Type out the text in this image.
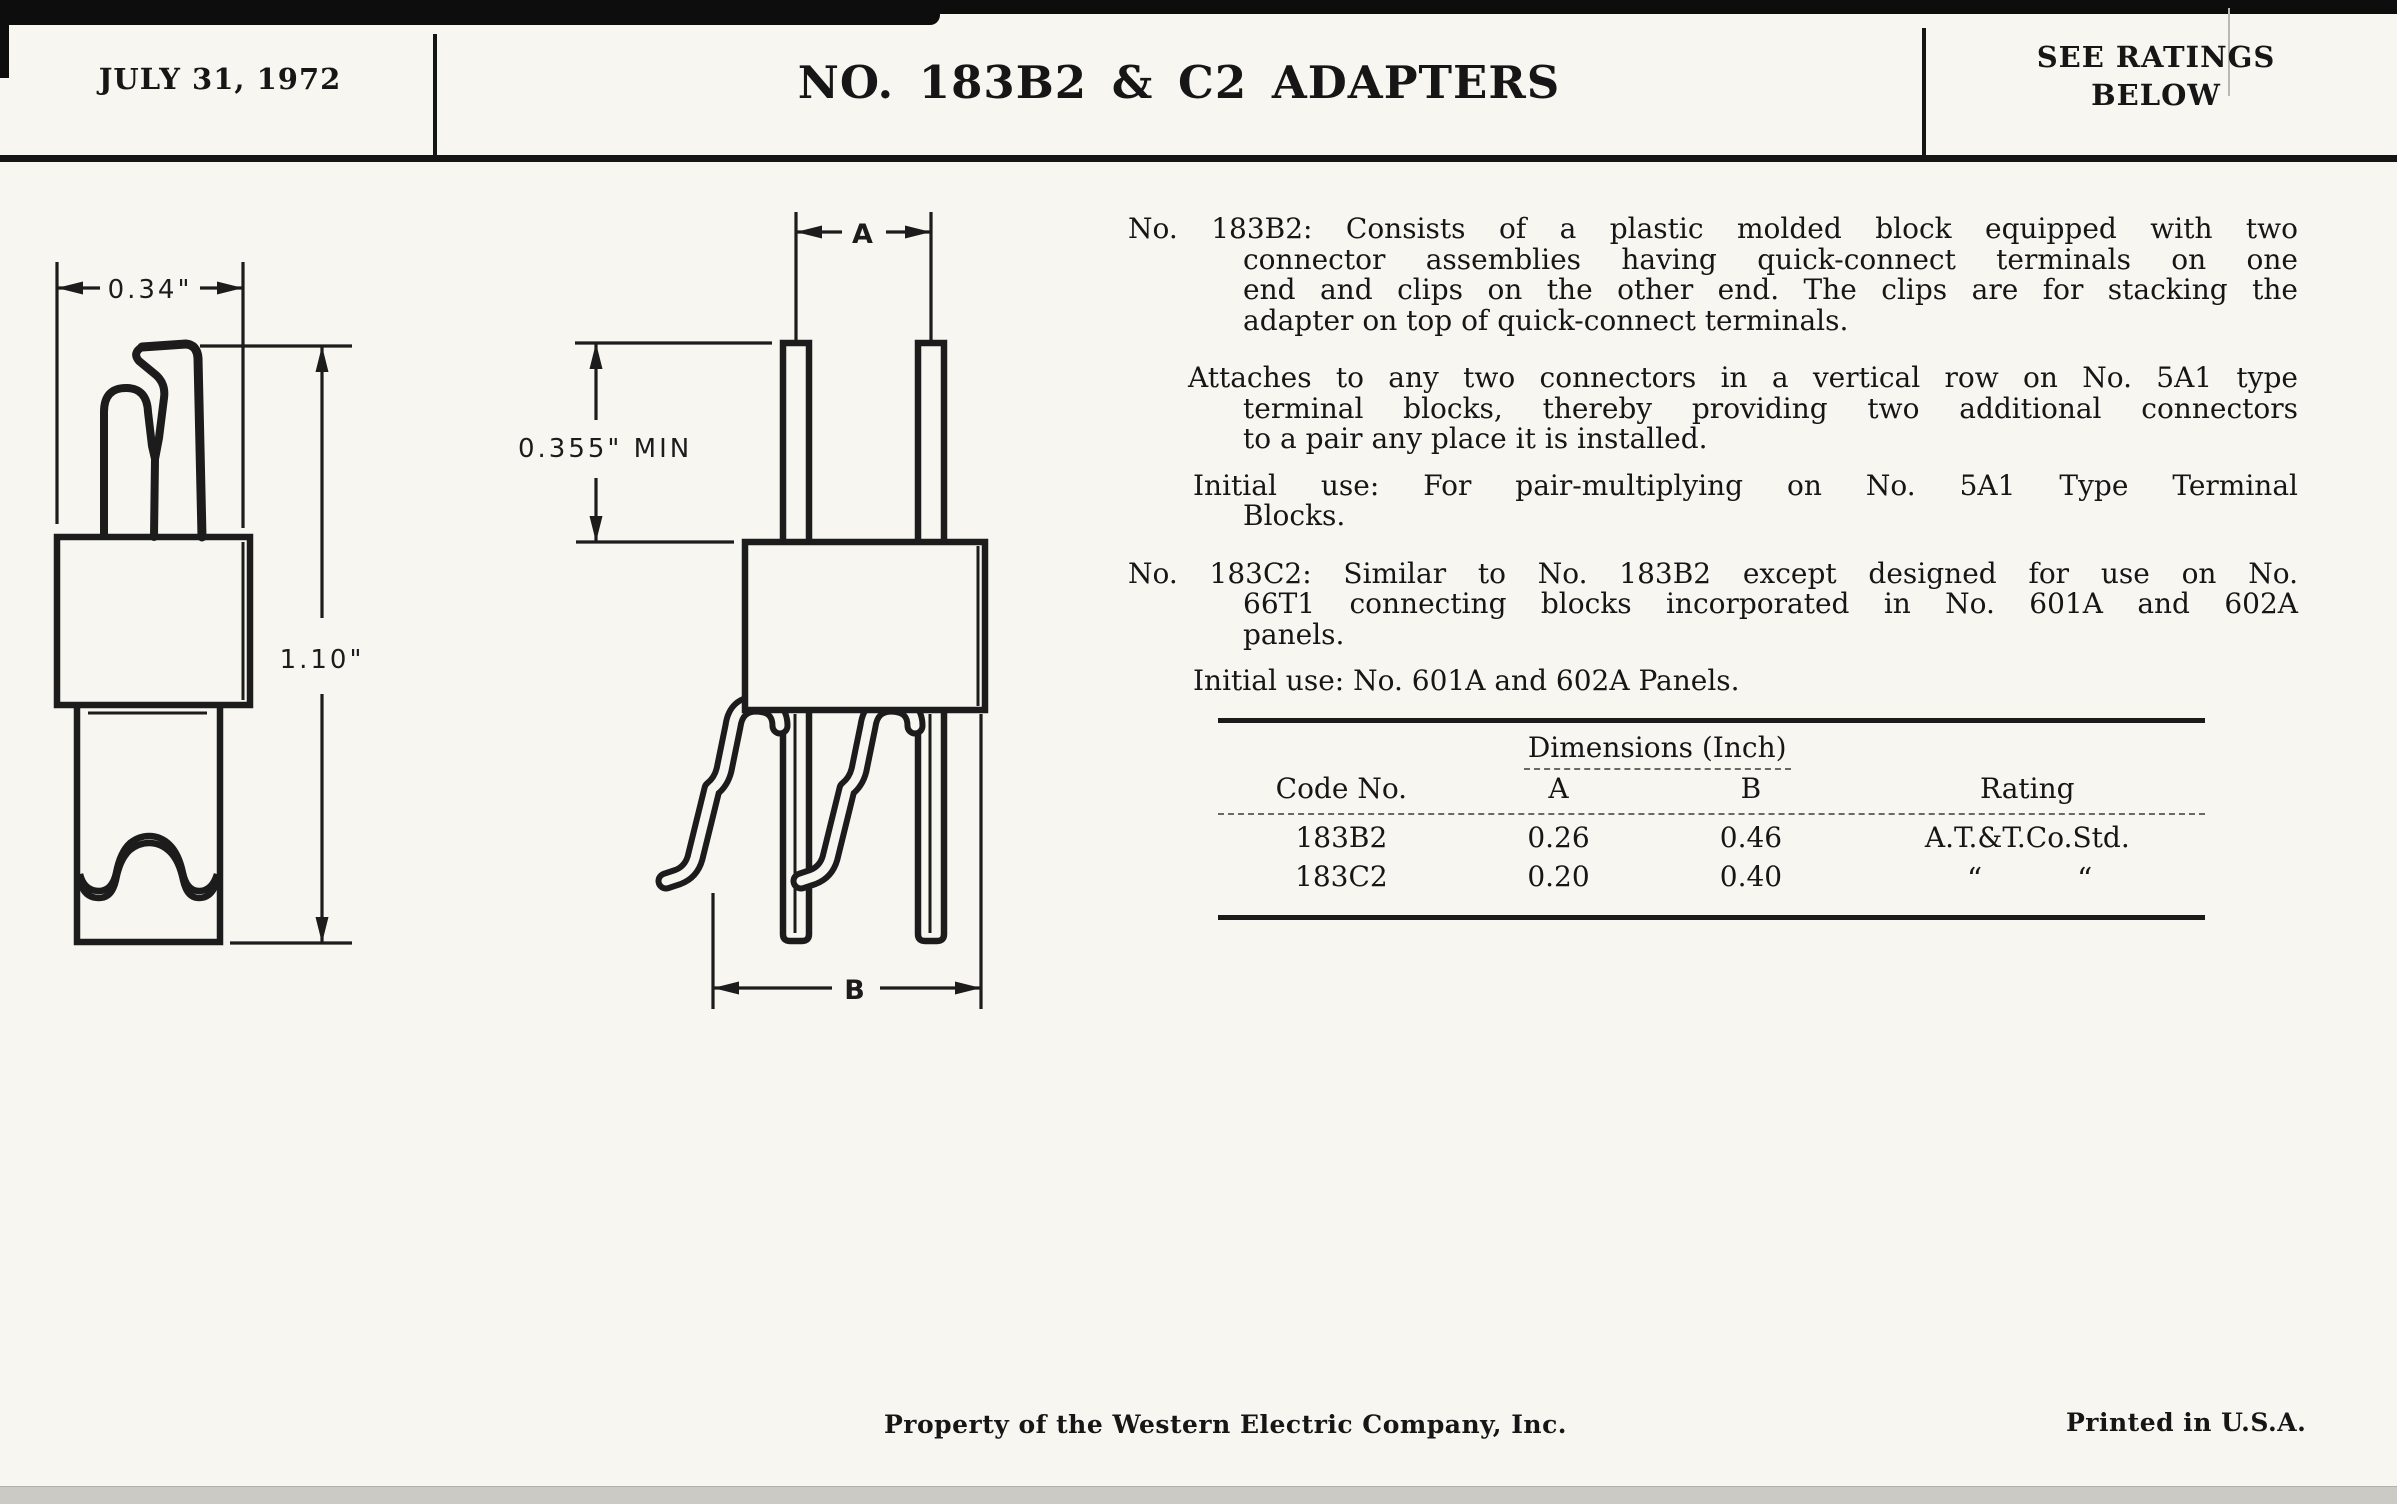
JULY 31, 1972	NO. 183B2 & C2 ADAPTERS	SEE RATINGS
BELOW
0.34"
1.10"
A
0.355" MIN
B
No. 183B2: Consists of a plastic molded block equipped with two
connector assemblies having quick-connect terminals on one
end and clips on the other end. The clips are for stacking the
adapter on top of quick-connect terminals.
Attaches to any two connectors in a vertical row on No. 5A1 type
terminal blocks, thereby providing two additional connectors
to a pair any place it is installed.
Initial use: For pair-multiplying on No. 5A1 Type Terminal
Blocks.
No. 183C2: Similar to No. 183B2 except designed for use on No.
66T1 connecting blocks incorporated in No. 601A and 602A
panels.
Initial use: No. 601A and 602A Panels.
Dimensions (Inch)
Code No.	A	B	Rating
183B2	0.26	0.46	A.T.&T.Co.Std.
183C2	0.20	0.40	“	“
Property of the Western Electric Company, Inc.	Printed in U.S.A.
